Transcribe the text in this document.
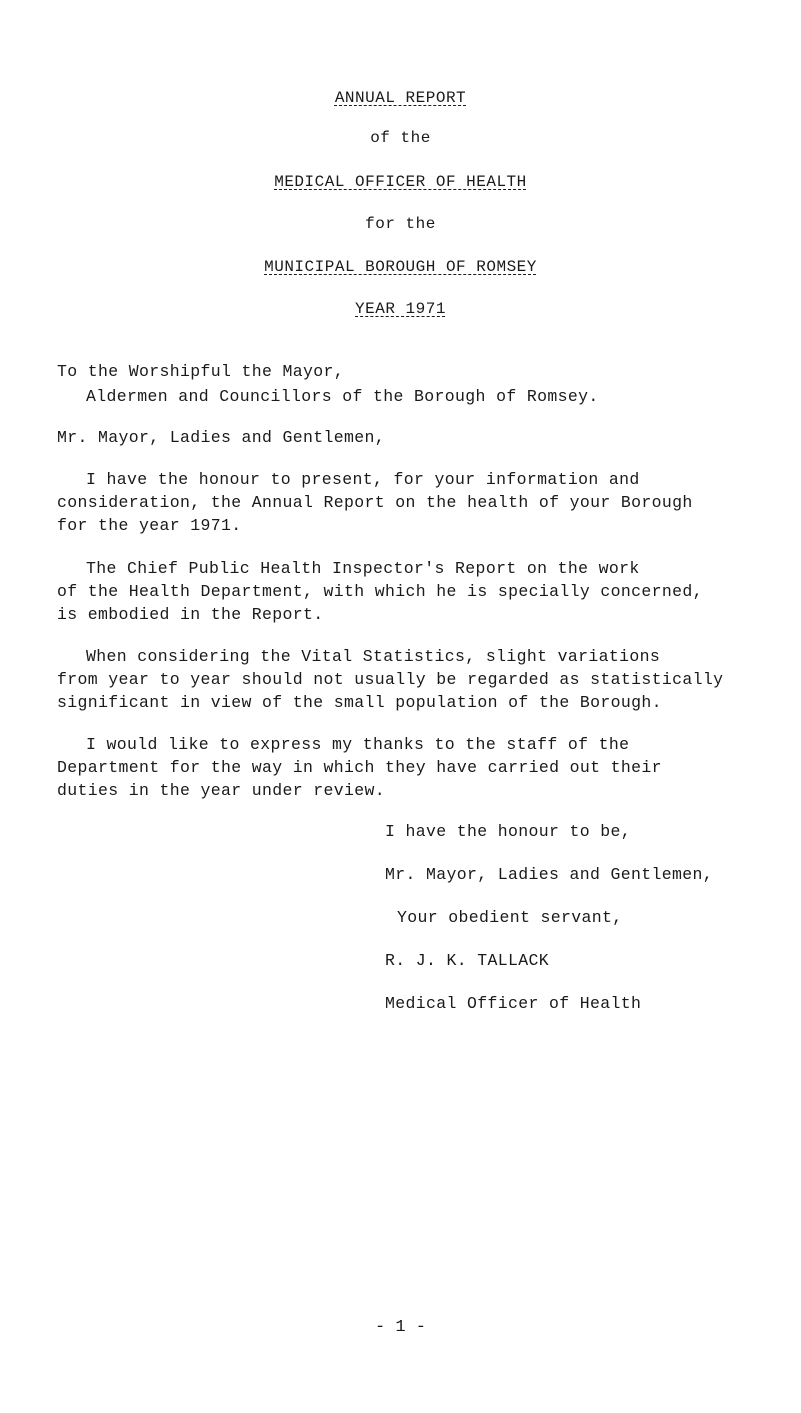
ANNUAL REPORT
of the
MEDICAL OFFICER OF HEALTH
for the
MUNICIPAL BOROUGH OF ROMSEY
YEAR 1971
To the Worshipful the Mayor,
Aldermen and Councillors of the Borough of Romsey.
Mr. Mayor, Ladies and Gentlemen,
I have the honour to present, for your information and
consideration, the Annual Report on the health of your Borough
for the year 1971.
The Chief Public Health Inspector's Report on the work
of the Health Department, with which he is specially concerned,
is embodied in the Report.
When considering the Vital Statistics, slight variations
from year to year should not usually be regarded as statistically
significant in view of the small population of the Borough.
I would like to express my thanks to the staff of the
Department for the way in which they have carried out their
duties in the year under review.
I have the honour to be,
Mr. Mayor, Ladies and Gentlemen,
Your obedient servant,
R. J. K. TALLACK
Medical Officer of Health
- 1 -
